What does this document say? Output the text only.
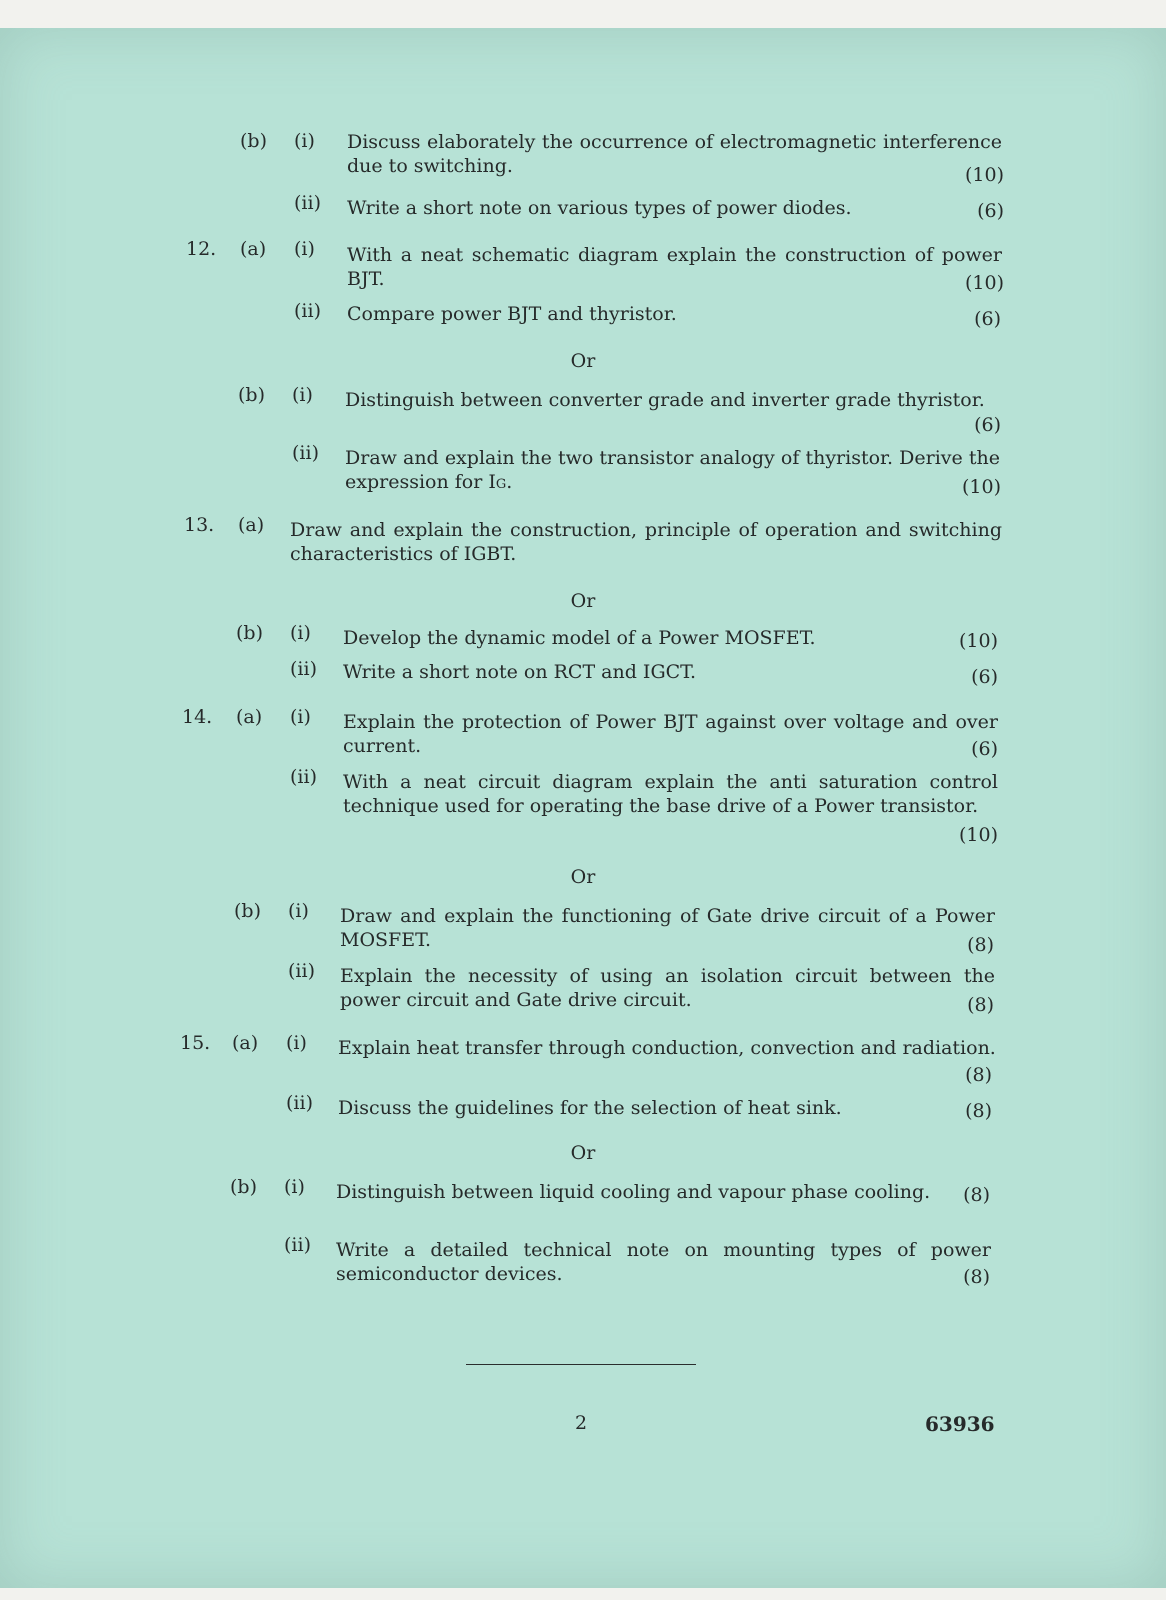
(b) (i) Discuss elaborately the occurrence of electromagnetic interference due to switching.	(10)
(ii) Write a short note on various types of power diodes.	(6)
12. (a) (i) With a neat schematic diagram explain the construction of power BJT.	(10)
(ii) Compare power BJT and thyristor.	(6)
Or
(b) (i) Distinguish between converter grade and inverter grade thyristor.
(6)
(ii) Draw and explain the two transistor analogy of thyristor. Derive the expression for IG.	(10)
13. (a) Draw and explain the construction, principle of operation and switching characteristics of IGBT.
Or
(b) (i) Develop the dynamic model of a Power MOSFET.	(10)
(ii) Write a short note on RCT and IGCT.	(6)
14. (a) (i) Explain the protection of Power BJT against over voltage and over current.	(6)
(ii) With a neat circuit diagram explain the anti saturation control technique used for operating the base drive of a Power transistor.
(10)
Or
(b) (i) Draw and explain the functioning of Gate drive circuit of a Power MOSFET.	(8)
(ii) Explain the necessity of using an isolation circuit between the power circuit and Gate drive circuit.	(8)
15. (a) (i) Explain heat transfer through conduction, convection and radiation.
(8)
(ii) Discuss the guidelines for the selection of heat sink.	(8)
Or
(b) (i) Distinguish between liquid cooling and vapour phase cooling.	(8)
(ii) Write a detailed technical note on mounting types of power semiconductor devices.	(8)
2	63936
